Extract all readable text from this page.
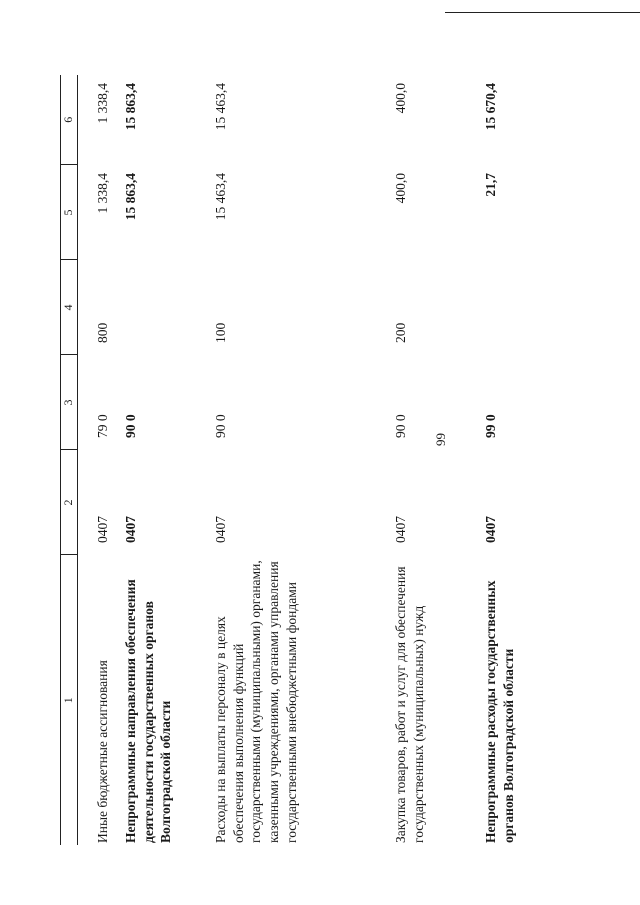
99
1	2	3	4	5	6
Иные бюджетные ассигнования	0407	79 0	800	1 338,4	1 338,4
Непрограммные направления обеспечения деятельности государственных органов Волгоградской области	0407	90 0		15 863,4	15 863,4
Расходы на выплаты персоналу в целях обеспечения выполнения функций государственными (муниципальными) органами, казенными учреждениями, органами управления государственными внебюджетными фондами	0407	90 0	100	15 463,4	15 463,4
Закупка товаров, работ и услуг для обеспечения государственных (муниципальных) нужд	0407	90 0	200	400,0	400,0
Непрограммные расходы государственных органов Волгоградской области	0407	99 0		21,7	15 670,4
